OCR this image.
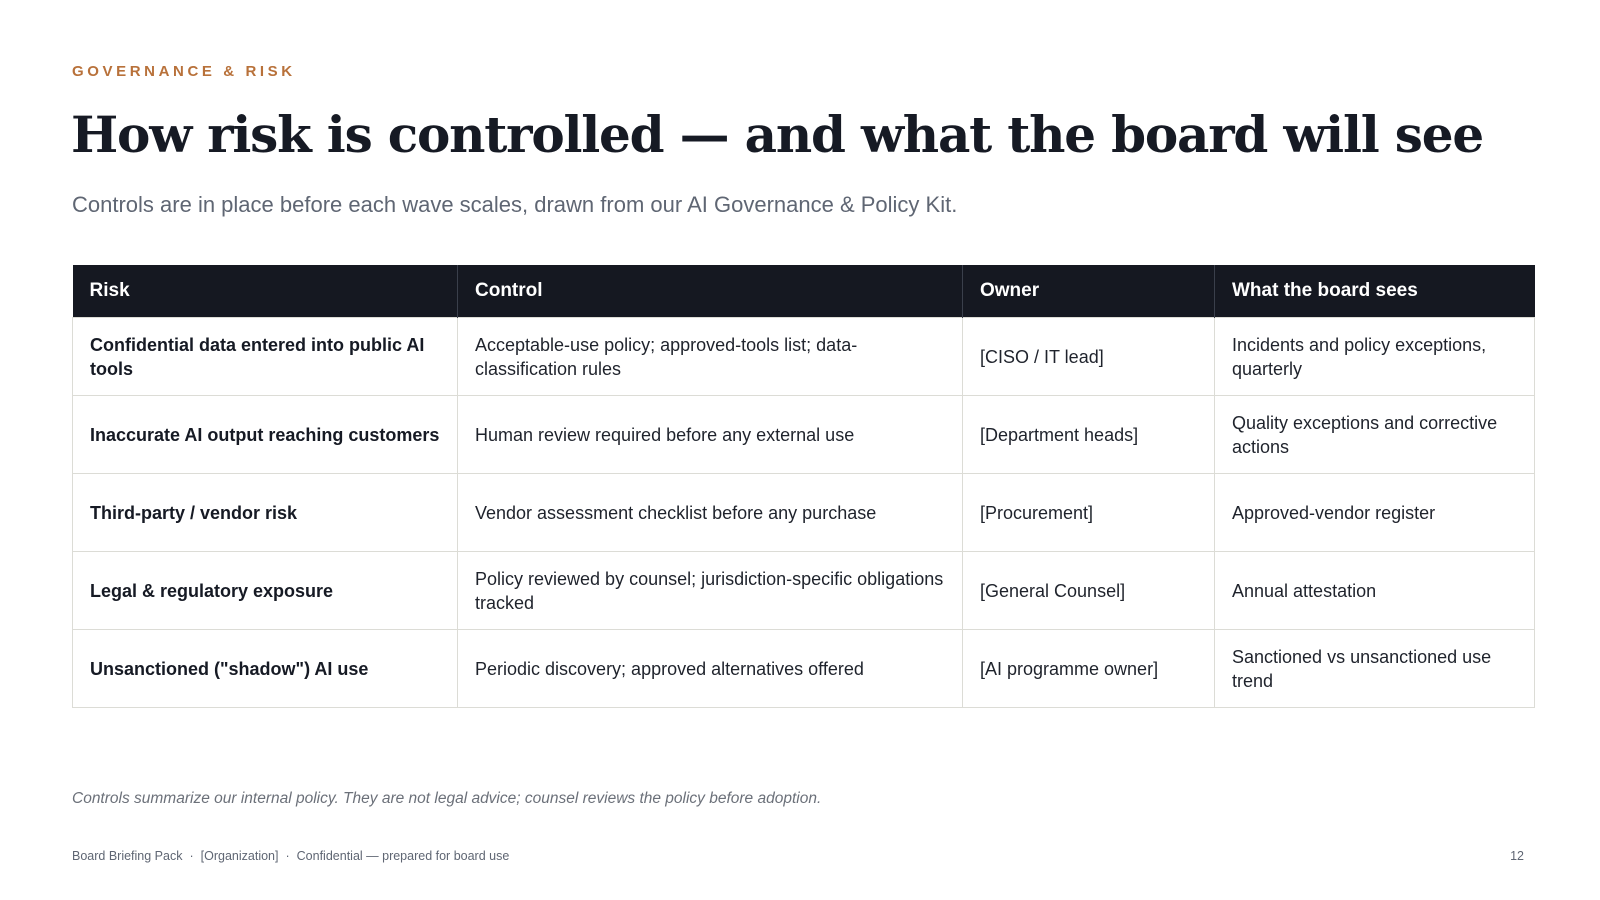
GOVERNANCE & RISK
How risk is controlled — and what the board will see
Controls are in place before each wave scales, drawn from our AI Governance & Policy Kit.
Risk	Control	Owner	What the board sees
Confidential data entered into public AI tools	Acceptable-use policy; approved-tools list; data-classification rules	[CISO / IT lead]	Incidents and policy exceptions, quarterly
Inaccurate AI output reaching customers	Human review required before any external use	[Department heads]	Quality exceptions and corrective actions
Third-party / vendor risk	Vendor assessment checklist before any purchase	[Procurement]	Approved-vendor register
Legal & regulatory exposure	Policy reviewed by counsel; jurisdiction-specific obligations tracked	[General Counsel]	Annual attestation
Unsanctioned ("shadow") AI use	Periodic discovery; approved alternatives offered	[AI programme owner]	Sanctioned vs unsanctioned use trend
Controls summarize our internal policy. They are not legal advice; counsel reviews the policy before adoption.
Board Briefing Pack · [Organization] · Confidential — prepared for board use	12
